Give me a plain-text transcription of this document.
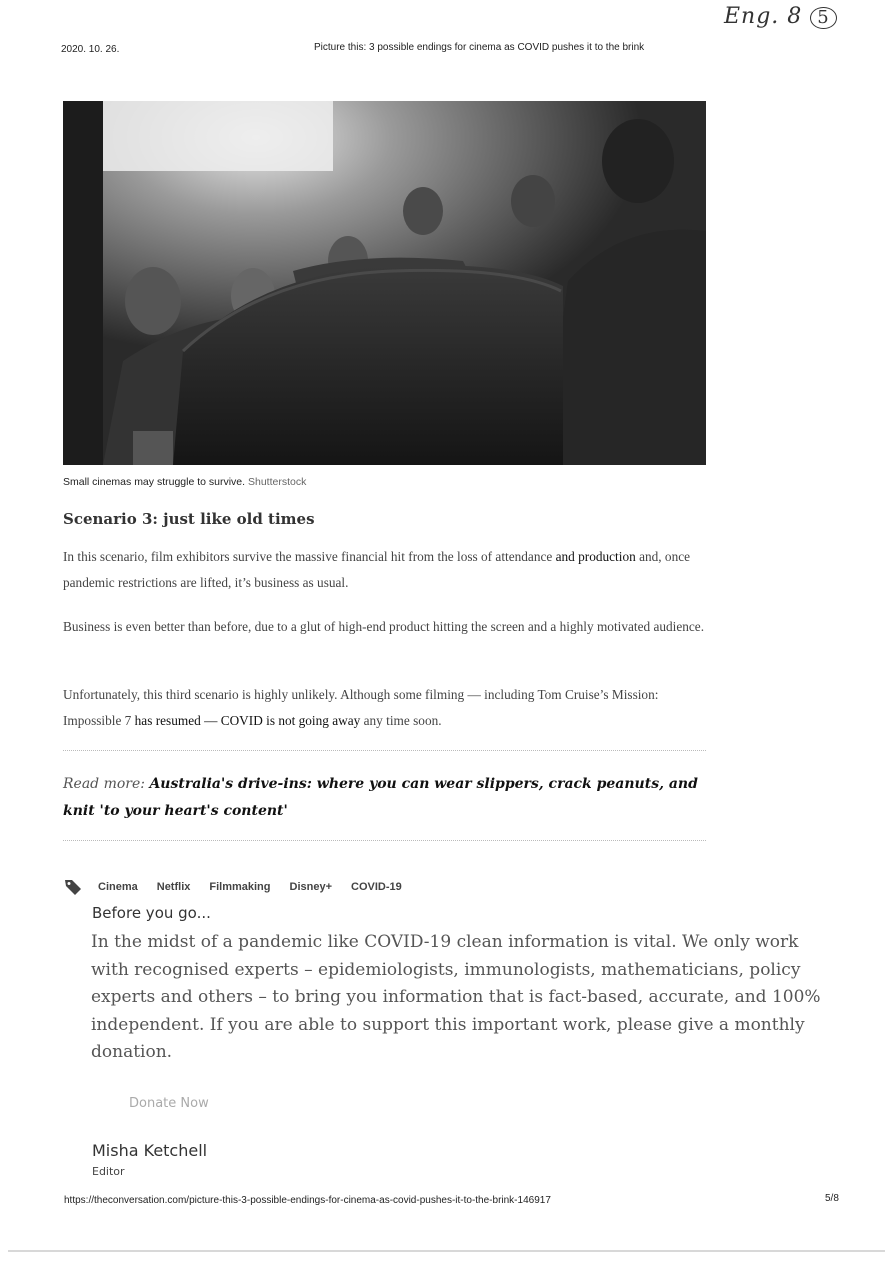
2020. 10. 26.	Picture this: 3 possible endings for cinema as COVID pushes it to the brink
Eng. 8 5
Small cinemas may struggle to survive. Shutterstock
Scenario 3: just like old times
In this scenario, film exhibitors survive the massive financial hit from the loss of attendance and production and, once pandemic restrictions are lifted, it’s business as usual.
Business is even better than before, due to a glut of high-end product hitting the screen and a highly motivated audience.
Unfortunately, this third scenario is highly unlikely. Although some filming — including Tom Cruise’s Mission: Impossible 7 has resumed — COVID is not going away any time soon.
Read more: Australia's drive-ins: where you can wear slippers, crack peanuts, and knit 'to your heart's content'
Cinema Netflix Filmmaking Disney+ COVID-19
Before you go...
In the midst of a pandemic like COVID-19 clean information is vital. We only work with recognised experts – epidemiologists, immunologists, mathematicians, policy experts and others – to bring you information that is fact-based, accurate, and 100% independent. If you are able to support this important work, please give a monthly donation.
Donate Now
Misha Ketchell
Editor
https://theconversation.com/picture-this-3-possible-endings-for-cinema-as-covid-pushes-it-to-the-brink-146917	5/8
